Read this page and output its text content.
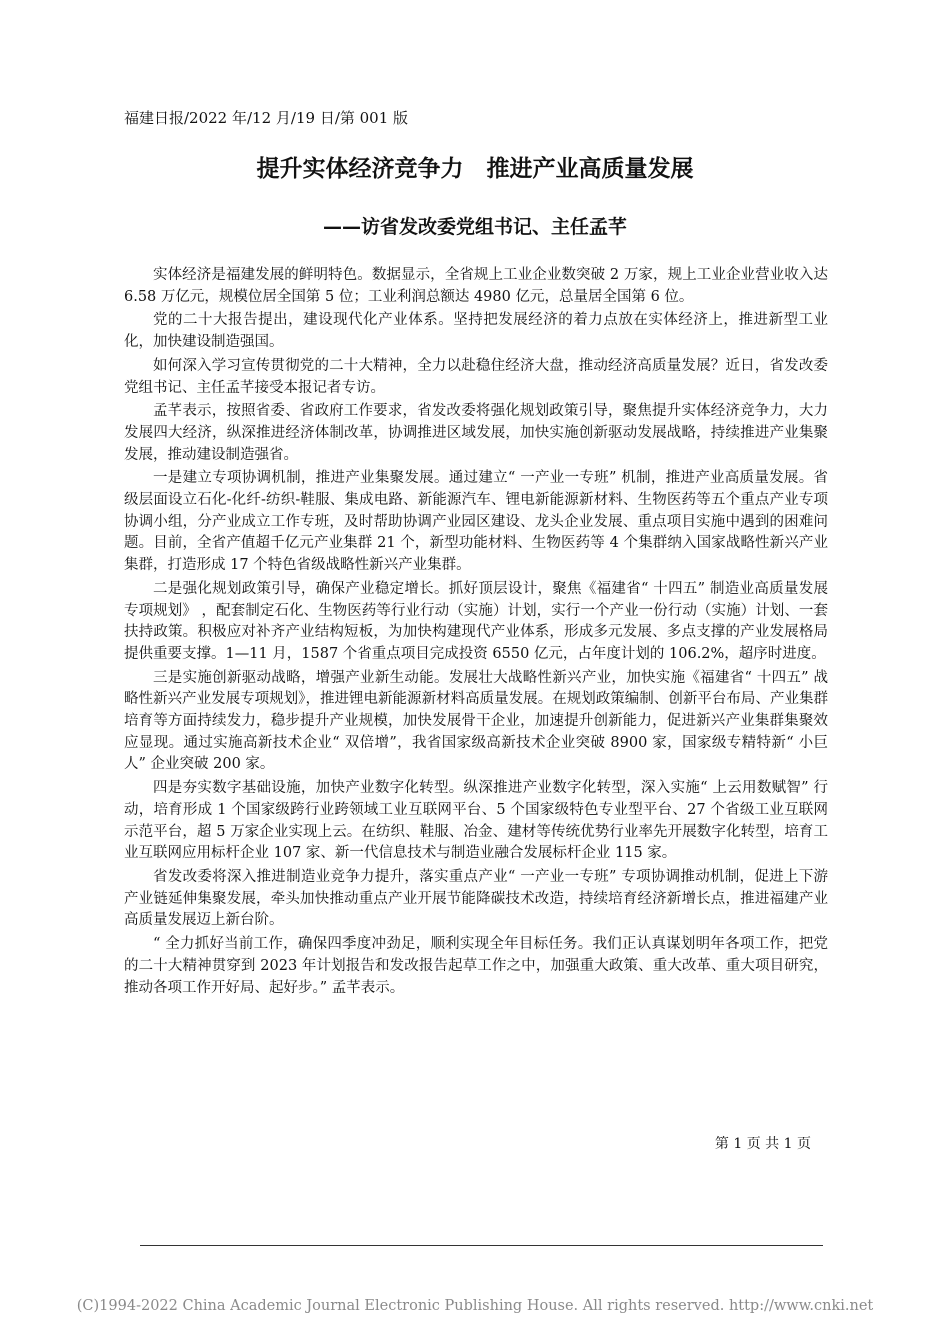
福建日报/2022 年/12 月/19 日/第 001 版
提升实体经济竞争力　推进产业高质量发展
——访省发改委党组书记、主任孟芊

实体经济是福建发展的鲜明特色。数据显示，全省规上工业企业数突破 2 万家，规上工业企业营业收入达 6.58 万亿元，规模位居全国第 5 位；工业利润总额达 4980 亿元，总量居全国第 6 位。

党的二十大报告提出，建设现代化产业体系。坚持把发展经济的着力点放在实体经济上，推进新型工业化，加快建设制造强国。

如何深入学习宣传贯彻党的二十大精神，全力以赴稳住经济大盘，推动经济高质量发展？近日，省发改委党组书记、主任孟芊接受本报记者专访。

孟芊表示，按照省委、省政府工作要求，省发改委将强化规划政策引导，聚焦提升实体经济竞争力，大力发展四大经济，纵深推进经济体制改革，协调推进区域发展，加快实施创新驱动发展战略，持续推进产业集聚发展，推动建设制造强省。

一是建立专项协调机制，推进产业集聚发展。通过建立“ 一产业一专班” 机制，推进产业高质量发展。省级层面设立石化-化纤-纺织-鞋服、集成电路、新能源汽车、锂电新能源新材料、生物医药等五个重点产业专项协调小组，分产业成立工作专班，及时帮助协调产业园区建设、龙头企业发展、重点项目实施中遇到的困难问题。目前，全省产值超千亿元产业集群 21 个，新型功能材料、生物医药等 4 个集群纳入国家战略性新兴产业集群，打造形成 17 个特色省级战略性新兴产业集群。

二是强化规划政策引导，确保产业稳定增长。抓好顶层设计，聚焦《福建省“ 十四五” 制造业高质量发展专项规划》 ，配套制定石化、生物医药等行业行动（实施）计划，实行一个产业一份行动（实施）计划、一套扶持政策。积极应对补齐产业结构短板，为加快构建现代产业体系，形成多元发展、多点支撑的产业发展格局提供重要支撑。1—11 月，1587 个省重点项目完成投资 6550 亿元，占年度计划的 106.2%，超序时进度。

三是实施创新驱动战略，增强产业新生动能。发展壮大战略性新兴产业，加快实施《福建省“ 十四五” 战略性新兴产业发展专项规划》，推进锂电新能源新材料高质量发展。在规划政策编制、创新平台布局、产业集群培育等方面持续发力，稳步提升产业规模，加快发展骨干企业，加速提升创新能力，促进新兴产业集群集聚效应显现。通过实施高新技术企业“ 双倍增”，我省国家级高新技术企业突破 8900 家，国家级专精特新“ 小巨人” 企业突破 200 家。

四是夯实数字基础设施，加快产业数字化转型。纵深推进产业数字化转型，深入实施“ 上云用数赋智” 行动，培育形成 1 个国家级跨行业跨领域工业互联网平台、5 个国家级特色专业型平台、27 个省级工业互联网示范平台，超 5 万家企业实现上云。在纺织、鞋服、冶金、建材等传统优势行业率先开展数字化转型，培育工业互联网应用标杆企业 107 家、新一代信息技术与制造业融合发展标杆企业 115 家。

省发改委将深入推进制造业竞争力提升，落实重点产业“ 一产业一专班” 专项协调推动机制，促进上下游产业链延伸集聚发展，牵头加快推动重点产业开展节能降碳技术改造，持续培育经济新增长点，推进福建产业高质量发展迈上新台阶。

“ 全力抓好当前工作，确保四季度冲劲足，顺利实现全年目标任务。我们正认真谋划明年各项工作，把党的二十大精神贯穿到 2023 年计划报告和发改报告起草工作之中，加强重大政策、重大改革、重大项目研究，推动各项工作开好局、起好步。” 孟芊表示。

第 1 页 共 1 页
(C)1994-2022 China Academic Journal Electronic Publishing House. All rights reserved. http://www.cnki.net
